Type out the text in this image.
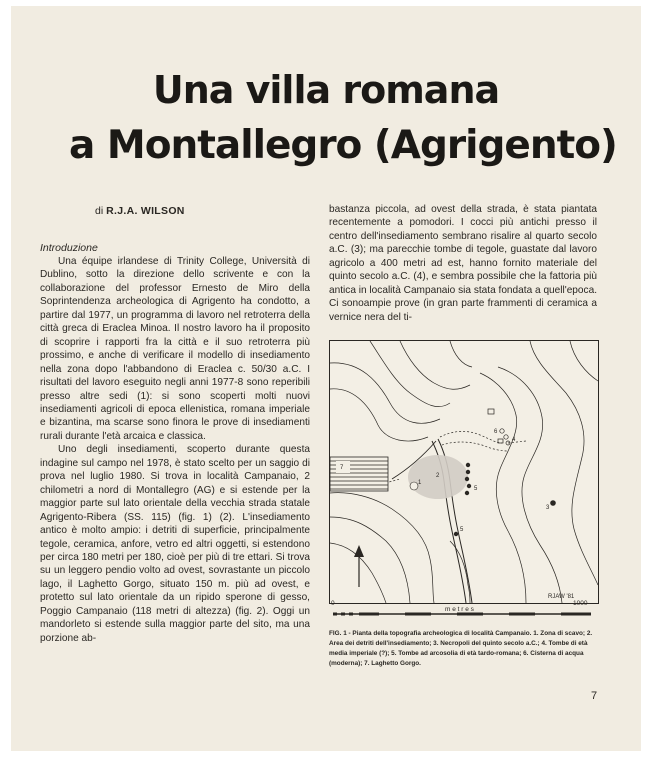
Una villa romana
a Montallegro (Agrigento)
di R.J.A. WILSON
Introduzione

Una équipe irlandese di Trinity College, Università di Dublino, sotto la direzione dello scrivente e con la collaborazione del professor Ernesto de Miro della Soprintendenza archeologica di Agrigento ha condotto, a partire dal 1977, un programma di lavoro nel retroterra della città greca di Eraclea Minoa. Il nostro lavoro ha il proposito di scoprire i rapporti fra la città e il suo retroterra più prossimo, e anche di verificare il modello di insediamento nella zona dopo l'abbandono di Eraclea c. 50/30 a.C. I risultati del lavoro eseguito negli anni 1977-8 sono reperibili presso altre sedi (1): si sono scoperti molti nuovi insediamenti agricoli di epoca ellenistica, romana imperiale e bizantina, ma scarse sono finora le prove di insediamenti rurali durante l'età arcaica e classica.

Uno degli insediamenti, scoperto durante questa indagine sul campo nel 1978, è stato scelto per un saggio di prova nel luglio 1980. Si trova in località Campanaio, 2 chilometri a nord di Montallegro (AG) e si estende per la maggior parte sul lato orientale della vecchia strada statale Agrigento-Ribera (SS. 115) (fig. 1) (2). L'insediamento antico è molto ampio: i detriti di superficie, principalmente tegole, ceramica, anfore, vetro ed altri oggetti, si estendono per circa 180 metri per 180, cioè per più di tre ettari. Si trova su un leggero pendio volto ad ovest, sovrastante un piccolo lago, il Laghetto Gorgo, situato 150 m. più ad ovest, e protetto sul lato orientale da un ripido sperone di gesso, Poggio Campanaio (118 metri di altezza) (fig. 2). Oggi un mandorleto si estende sulla maggior parte del sito, ma una porzione ab-

bastanza piccola, ad ovest della strada, è stata piantata recentemente a pomodori. I cocci più antichi presso il centro dell'insediamento sembrano risalire al quarto secolo a.C. (3); ma parecchie tombe di tegole, guastate dal lavoro agricolo a 400 metri ad est, hanno fornito materiale del quinto secolo a.C. (4), e sembra possibile che la fattoria più antica in località Campanaio sia stata fondata a quell'epoca. Ci sonoampie prove (in gran parte frammenti di ceramica a vernice nera del ti-

7
1
2
3
4
5
5
6
RJAW '81
0
m e t r e s
1000
FIG. 1 - Pianta della topografia archeologica di località Campanaio. 1. Zona di scavo; 2. Area dei detriti dell'insediamento; 3. Necropoli del quinto secolo a.C.; 4. Tombe di età media imperiale (?); 5. Tombe ad arcosolia di età tardo-romana; 6. Cisterna di acqua (moderna); 7. Laghetto Gorgo.
7
